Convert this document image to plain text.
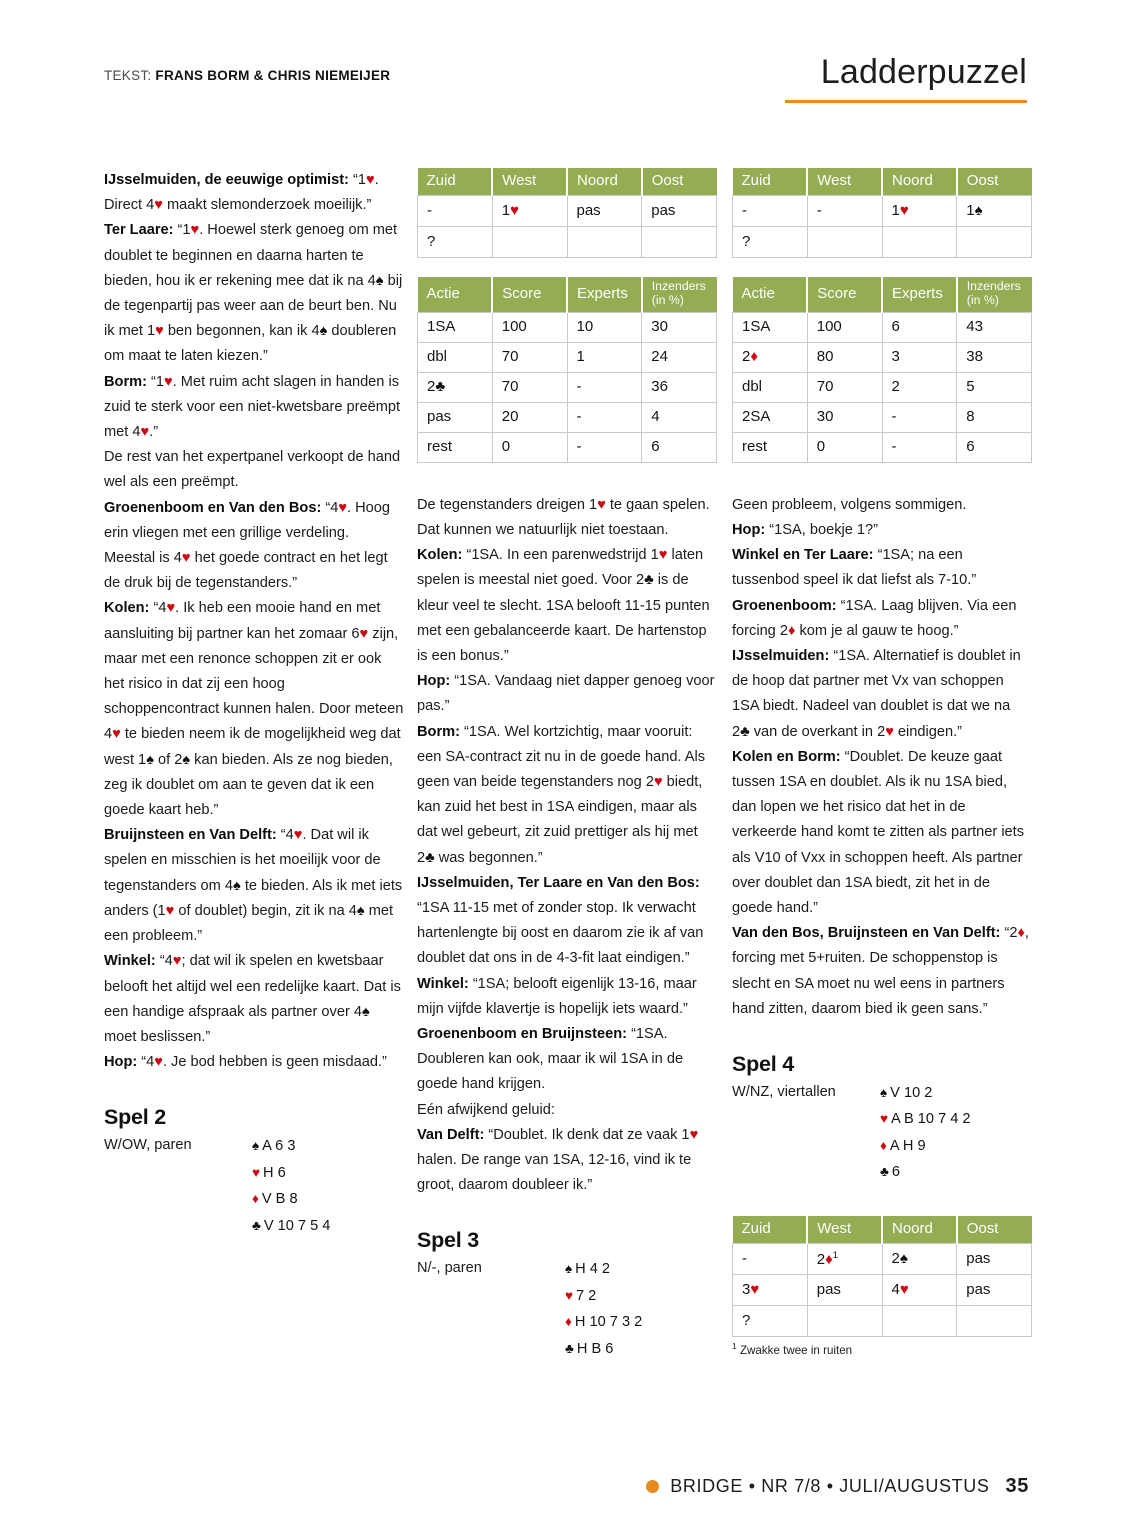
TEKST: FRANS BORM & CHRIS NIEMEIJER	Ladderpuzzel

IJsselmuiden, de eeuwige optimist: “1♥. Direct 4♥ maakt slemonderzoek moeilijk.”

Ter Laare: “1♥. Hoewel sterk genoeg om met doublet te beginnen en daarna harten te bieden, hou ik er rekening mee dat ik na 4♠ bij de tegenpartij pas weer aan de beurt ben. Nu ik met 1♥ ben begonnen, kan ik 4♠ doubleren om maat te laten kiezen.”

Borm: “1♥. Met ruim acht slagen in handen is zuid te sterk voor een niet-kwetsbare preëmpt met 4♥.”

De rest van het expertpanel verkoopt de hand wel als een preëmpt.

Groenenboom en Van den Bos: “4♥. Hoog erin vliegen met een grillige verdeling. Meestal is 4♥ het goede contract en het legt de druk bij de tegenstanders.”

Kolen: “4♥. Ik heb een mooie hand en met aansluiting bij partner kan het zomaar 6♥ zijn, maar met een renonce schoppen zit er ook het risico in dat zij een hoog schoppencontract kunnen halen. Door meteen 4♥ te bieden neem ik de mogelijkheid weg dat west 1♠ of 2♠ kan bieden. Als ze nog bieden, zeg ik doublet om aan te geven dat ik een goede kaart heb.”

Bruijnsteen en Van Delft: “4♥. Dat wil ik spelen en misschien is het moeilijk voor de tegenstanders om 4♠ te bieden. Als ik met iets anders (1♥ of doublet) begin, zit ik na 4♠ met een probleem.”

Winkel: “4♥; dat wil ik spelen en kwetsbaar belooft het altijd wel een redelijke kaart. Dat is een handige afspraak als partner over 4♠ moet beslissen.”

Hop: “4♥. Je bod hebben is geen misdaad.”

Spel 2
W/OW, paren	♠ A 6 3
♥ H 6
♦ V B 8
♣ V 10 7 5 4
Zuid	West	Noord	Oost
-	1♥	pas	pas
?			
Actie	Score	Experts	Inzenders
(in %)
1SA	100	10	30
dbl	70	1	24
2♣	70	-	36
pas	20	-	4
rest	0	-	6

De tegenstanders dreigen 1♥ te gaan spelen. Dat kunnen we natuurlijk niet toestaan.

Kolen: “1SA. In een parenwedstrijd 1♥ laten spelen is meestal niet goed. Voor 2♣ is de kleur veel te slecht. 1SA belooft 11-15 punten met een gebalanceerde kaart. De hartenstop is een bonus.”

Hop: “1SA. Vandaag niet dapper genoeg voor pas.”

Borm: “1SA. Wel kortzichtig, maar vooruit: een SA-contract zit nu in de goede hand. Als geen van beide tegenstanders nog 2♥ biedt, kan zuid het best in 1SA eindigen, maar als dat wel gebeurt, zit zuid prettiger als hij met 2♣ was begonnen.”

IJsselmuiden, Ter Laare en Van den Bos: “1SA 11-15 met of zonder stop. Ik verwacht hartenlengte bij oost en daarom zie ik af van doublet dat ons in de 4-3-fit laat eindigen.”

Winkel: “1SA; belooft eigenlijk 13-16, maar mijn vijfde klavertje is hopelijk iets waard.”

Groenenboom en Bruijnsteen: “1SA. Doubleren kan ook, maar ik wil 1SA in de goede hand krijgen.

Eén afwijkend geluid:

Van Delft: “Doublet. Ik denk dat ze vaak 1♥ halen. De range van 1SA, 12-16, vind ik te groot, daarom doubleer ik.”

Spel 3
N/-, paren	♠ H 4 2
♥ 7 2
♦ H 10 7 3 2
♣ H B 6
Zuid	West	Noord	Oost
-	-	1♥	1♠
?			
Actie	Score	Experts	Inzenders
(in %)
1SA	100	6	43
2♦	80	3	38
dbl	70	2	5
2SA	30	-	8
rest	0	-	6

Geen probleem, volgens sommigen.

Hop: “1SA, boekje 1?”

Winkel en Ter Laare: “1SA; na een tussenbod speel ik dat liefst als 7-10.”

Groenenboom: “1SA. Laag blijven. Via een forcing 2♦ kom je al gauw te hoog.”

IJsselmuiden: “1SA. Alternatief is doublet in de hoop dat partner met Vx van schoppen 1SA biedt. Nadeel van doublet is dat we na 2♣ van de overkant in 2♥ eindigen.”

Kolen en Borm: “Doublet. De keuze gaat tussen 1SA en doublet. Als ik nu 1SA bied, dan lopen we het risico dat het in de verkeerde hand komt te zitten als partner iets als V10 of Vxx in schoppen heeft. Als partner over doublet dan 1SA biedt, zit het in de goede hand.”

Van den Bos, Bruijnsteen en Van Delft: “2♦, forcing met 5+ruiten. De schoppenstop is slecht en SA moet nu wel eens in partners hand zitten, daarom bied ik geen sans.”

Spel 4
W/NZ, viertallen	♠ V 10 2
♥ A B 10 7 4 2
♦ A H 9
♣ 6
Zuid	West	Noord	Oost
-	2♦$^1$	2♠	pas
3♥	pas	4♥	pas
?			
$^1$ Zwakke twee in ruiten
BRIDGE • NR 7/8 • JULI/AUGUSTUS 35
